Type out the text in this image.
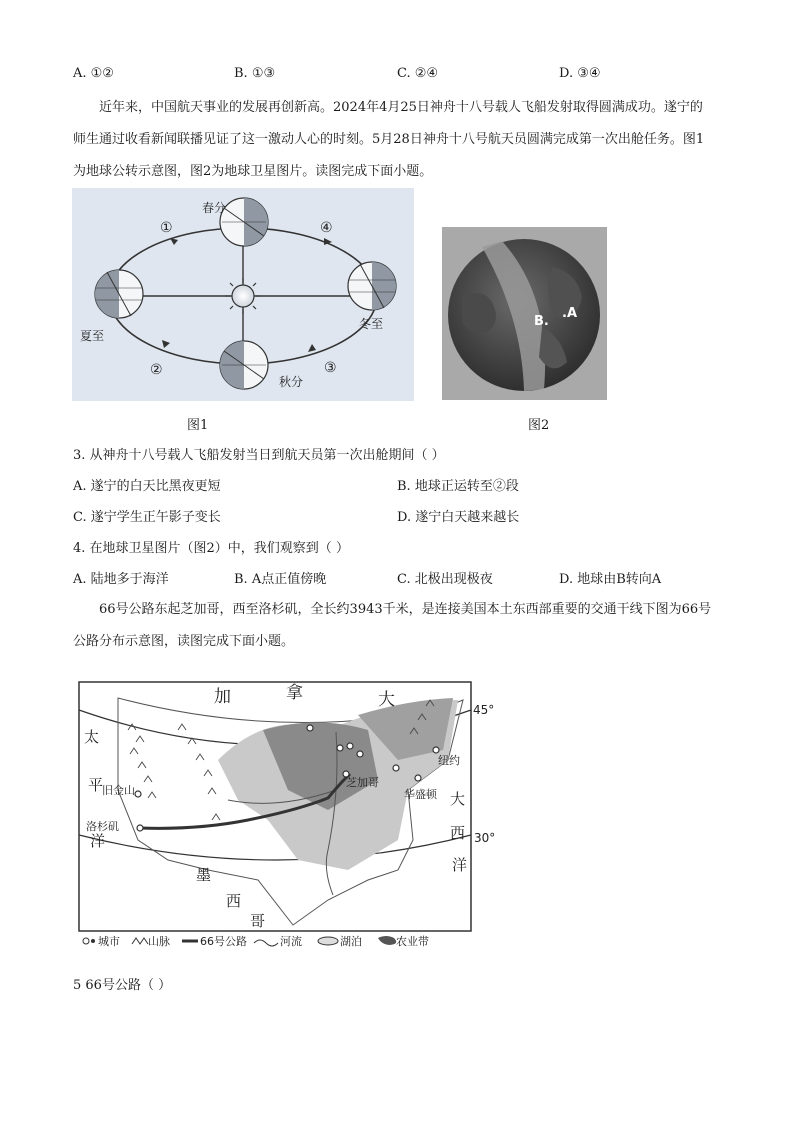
A. ①②	B. ①③	C. ②④	D. ③④
近年来，中国航天事业的发展再创新高。2024年4月25日神舟十八号载人飞船发射取得圆满成功。遂宁的师生通过收看新闻联播见证了这一激动人心的时刻。5月28日神舟十八号航天员圆满完成第一次出舱任务。图1为地球公转示意图，图2为地球卫星图片。读图完成下面小题。
春分
夏至
秋分
冬至
①
②	③
④
图1
B.
.A
图2
3. 从神舟十八号载人飞船发射当日到航天员第一次出舱期间（ ）
A. 遂宁的白天比黑夜更短	B. 地球正运转至②段
C. 遂宁学生正午影子变长	D. 遂宁白天越来越长
4. 在地球卫星图片（图2）中，我们观察到（ ）
A. 陆地多于海洋	B. A点正值傍晚	C. 北极出现极夜	D. 地球由B转向A
66号公路东起芝加哥，西至洛杉矶，全长约3943千米，是连接美国本土东西部重要的交通干线下图为66号公路分布示意图，读图完成下面小题。
加	拿	大
太
平
洋
大
西
洋
墨
西
哥
芝加哥
纽约
华盛顿
旧金山
洛杉矶
45°
30°
城市	山脉	66号公路	河流	湖泊	农业带
5 66号公路（ ）
